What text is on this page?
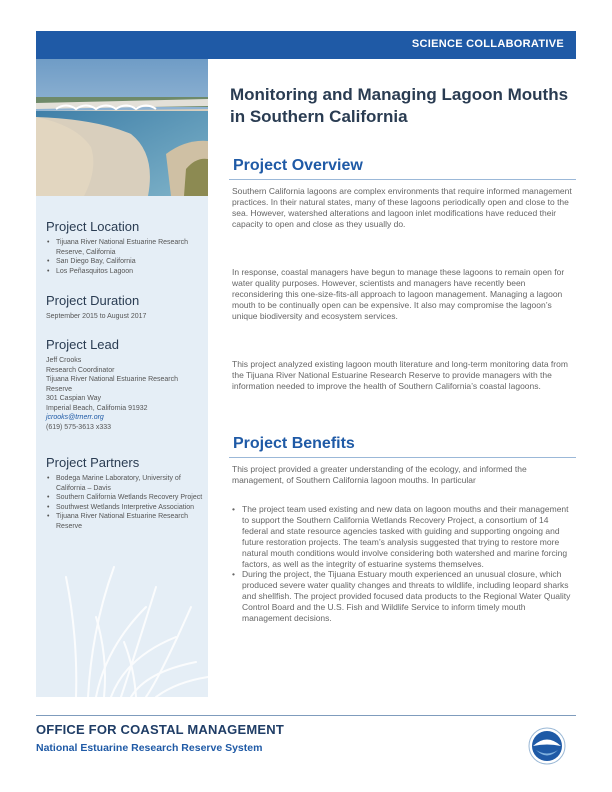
SCIENCE COLLABORATIVE
Project Location
• Tijuana River National Estuarine Research Reserve, California
• San Diego Bay, California
• Los Peñasquitos Lagoon
Project Duration

September 2015 to August 2017

Project Lead

Jeff Crooks

Research Coordinator

Tijuana River National Estuarine Research Reserve

301 Caspian Way

Imperial Beach, California 91932

jcrooks@trnerr.org

(619) 575-3613 x333

Project Partners
• Bodega Marine Laboratory, University of California – Davis
• Southern California Wetlands Recovery Project
• Southwest Wetlands Interpretive Association
• Tijuana River National Estuarine Research Reserve
Monitoring and Managing Lagoon Mouths in Southern California
Project Overview

Southern California lagoons are complex environments that require informed management practices. In their natural states, many of these lagoons periodically open and close to the sea. However, watershed alterations and lagoon inlet modifications have reduced their capacity to open and close as they usually do.

In response, coastal managers have begun to manage these lagoons to remain open for water quality purposes. However, scientists and managers have recently been reconsidering this one-size-fits-all approach to lagoon management. Managing a lagoon mouth to be continually open can be expensive. It also may compromise the lagoon’s unique biodiversity and ecosystem services.

This project analyzed existing lagoon mouth literature and long-term monitoring data from the Tijuana River National Estuarine Research Reserve to provide managers with the information needed to improve the health of Southern California’s coastal lagoons.

Project Benefits

This project provided a greater understanding of the ecology, and informed the management, of Southern California lagoon mouths. In particular

• The project team used existing and new data on lagoon mouths and their management to support the Southern California Wetlands Recovery Project, a consortium of 14 federal and state resource agencies tasked with guiding and supporting ongoing and future restoration projects. The team’s analysis suggested that trying to restore more natural mouth conditions would involve considering both watershed and marine forcing factors, as well as the integrity of estuarine systems themselves.
• During the project, the Tijuana Estuary mouth experienced an unusual closure, which produced severe water quality changes and threats to wildlife, including leopard sharks and shellfish. The project provided focused data products to the Regional Water Quality Control Board and the U.S. Fish and Wildlife Service to inform timely mouth management decisions.
OFFICE FOR COASTAL MANAGEMENT
National Estuarine Research Reserve System	NOAA
